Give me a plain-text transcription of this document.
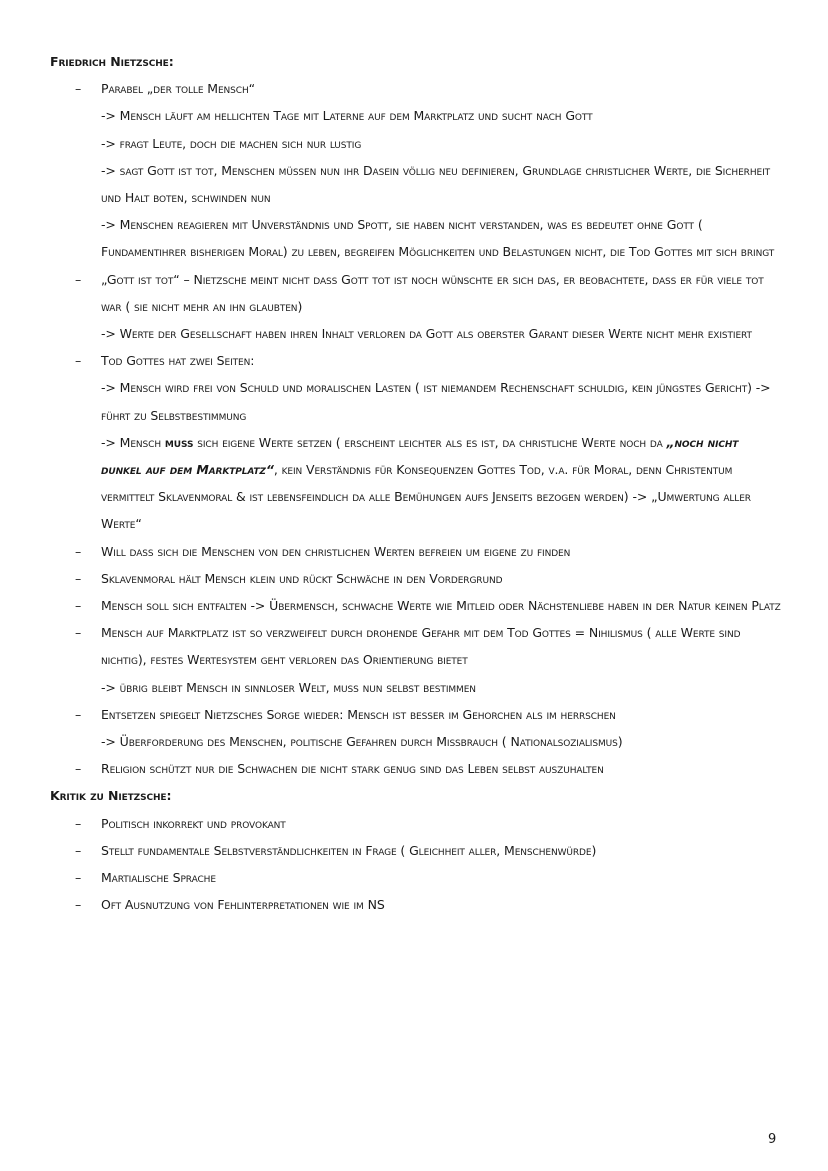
Friedrich Nietzsche:
– Parabel „der tolle Mensch“
-> Mensch läuft am hellichten Tage mit Laterne auf dem Marktplatz und sucht nach Gott
-> fragt Leute, doch die machen sich nur lustig
-> sagt Gott ist tot, Menschen müssen nun ihr Dasein völlig neu definieren, Grundlage christlicher Werte, die Sicherheit und Halt boten, schwinden nun
-> Menschen reagieren mit Unverständnis und Spott, sie haben nicht verstanden, was es bedeutet ohne Gott ( Fundamentihrer bisherigen Moral) zu leben, begreifen Möglichkeiten und Belastungen nicht, die Tod Gottes mit sich bringt
– „Gott ist tot“ – Nietzsche meint nicht dass Gott tot ist noch wünschte er sich das, er beobachtete, dass er für viele tot war ( sie nicht mehr an ihn glaubten)
-> Werte der Gesellschaft haben ihren Inhalt verloren da Gott als oberster Garant dieser Werte nicht mehr existiert
– Tod Gottes hat zwei Seiten:
-> Mensch wird frei von Schuld und moralischen Lasten ( ist niemandem Rechenschaft schuldig, kein jüngstes Gericht) -> führt zu Selbstbestimmung
-> Mensch muss sich eigene Werte setzen ( erscheint leichter als es ist, da christliche Werte noch da „noch nicht dunkel auf dem Marktplatz“, kein Verständnis für Konsequenzen Gottes Tod, v.a. für Moral, denn Christentum vermittelt Sklavenmoral & ist lebensfeindlich da alle Bemühungen aufs Jenseits bezogen werden) -> „Umwertung aller Werte“
– Will dass sich die Menschen von den christlichen Werten befreien um eigene zu finden
– Sklavenmoral hält Mensch klein und rückt Schwäche in den Vordergrund
– Mensch soll sich entfalten -> Übermensch, schwache Werte wie Mitleid oder Nächstenliebe haben in der Natur keinen Platz
– Mensch auf Marktplatz ist so verzweifelt durch drohende Gefahr mit dem Tod Gottes = Nihilismus ( alle Werte sind nichtig), festes Wertesystem geht verloren das Orientierung bietet
-> übrig bleibt Mensch in sinnloser Welt, muss nun selbst bestimmen
– Entsetzen spiegelt Nietzsches Sorge wieder: Mensch ist besser im Gehorchen als im herrschen
-> Überforderung des Menschen, politische Gefahren durch Missbrauch ( Nationalsozialismus)
– Religion schützt nur die Schwachen die nicht stark genug sind das Leben selbst auszuhalten
Kritik zu Nietzsche:
– Politisch inkorrekt und provokant
– Stellt fundamentale Selbstverständlichkeiten in Frage ( Gleichheit aller, Menschenwürde)
– Martialische Sprache
– Oft Ausnutzung von Fehlinterpretationen wie im NS
9
